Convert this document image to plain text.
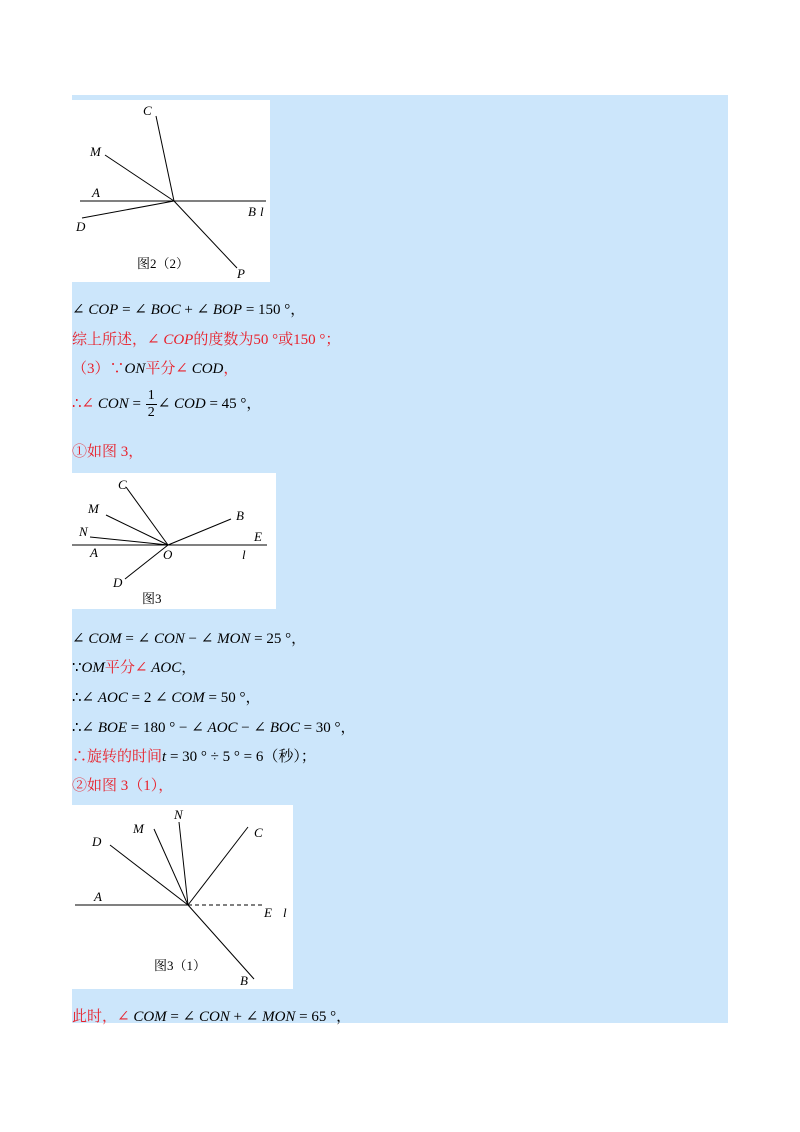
C
M
A
D
B l
P
图2（2）
∠ COP = ∠ BOC + ∠ BOP = 150 °，
综上所述，∠ COP的度数为50 °或150 °；
（3）∵ON平分∠ COD，
∴∠ CON = $\frac{1}{2}$ ∠ COD = 45 °，
①如图 3，
C
M
N
A	O
D
B
E
l
图3
∠ COM = ∠ CON − ∠ MON = 25 °，
∵OM平分∠ AOC，
∴∠ AOC = 2 ∠ COM = 50 °，
∴∠ BOE = 180 ° − ∠ AOC − ∠ BOC = 30 °，
∴旋转的时间t = 30 ° ÷ 5 ° = 6（秒）；
②如图 3（1），
D
M
N
C
A
E l
B
图3（1）
此时，∠ COM = ∠ CON + ∠ MON = 65 °，
